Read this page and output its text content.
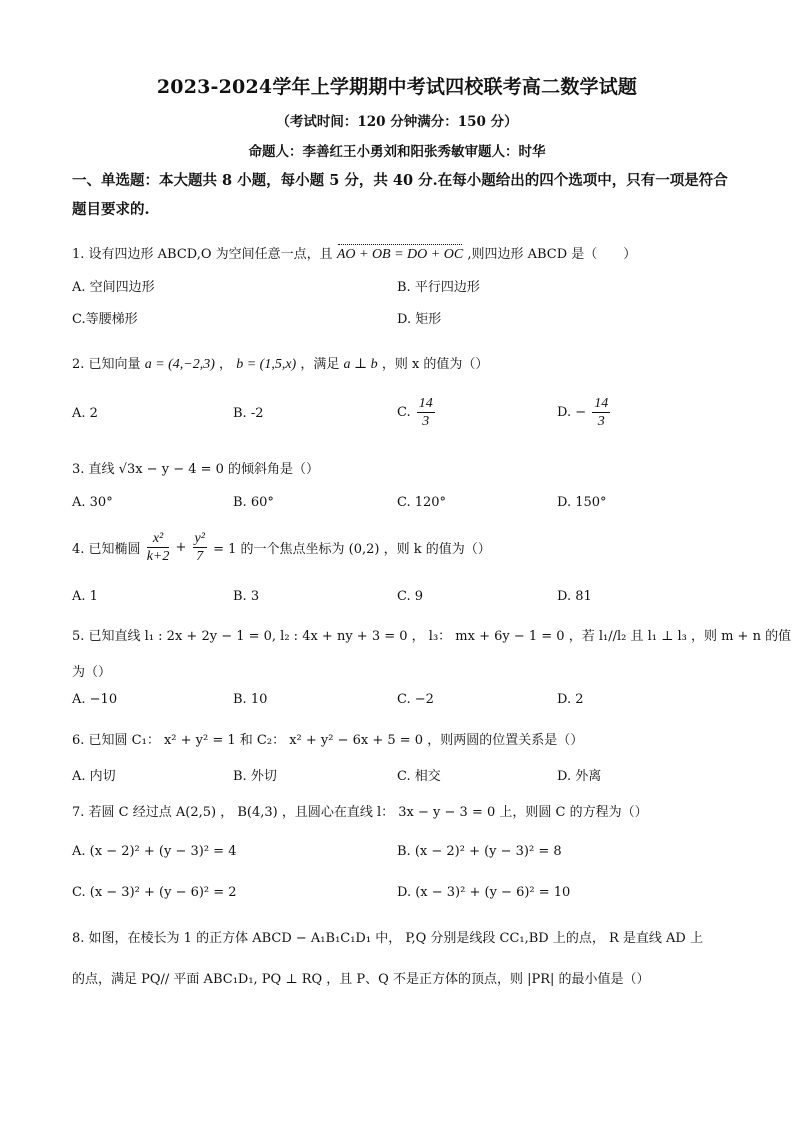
2023-2024学年上学期期中考试四校联考高二数学试题
（考试时间：120 分钟满分：150 分）
命题人：李善红王小勇刘和阳张秀敏审题人：时华
一、单选题：本大题共 8 小题，每小题 5 分，共 40 分.在每小题给出的四个选项中，只有一项是符合题目要求的.
1. 设有四边形 ABCD,O 为空间任意一点，且 AO + OB = DO + OC ,则四边形 ABCD 是（　　）
A. 空间四边形	B. 平行四边形
C.等腰梯形	D. 矩形
2. 已知向量 a = (4,−2,3) ， b = (1,5,x) ，满足 a ⊥ b ，则 x 的值为（）
A. 2	B. -2	C. $\frac{14}{3}$	D. − $\frac{14}{3}$
3. 直线 √3x − y − 4 = 0 的倾斜角是（）
A. 30°	B. 60°	C. 120°	D. 150°
4. 已知椭圆 $\frac{\text{x²}}{k+2} + \frac{\text{y²}}{7} = 1$ 的一个焦点坐标为 (0,2) ，则 k 的值为（）
A. 1	B. 3	C. 9	D. 81
5. 已知直线 l₁ : 2x + 2y − 1 = 0, l₂ : 4x + ny + 3 = 0 ， l₃： mx + 6y − 1 = 0 ，若 l₁//l₂ 且 l₁ ⊥ l₃ ，则 m + n 的值
为（）
A. −10	B. 10	C. −2	D. 2
6. 已知圆 C₁： x² + y² = 1 和 C₂： x² + y² − 6x + 5 = 0 ，则两圆的位置关系是（）
A. 内切	B. 外切	C. 相交	D. 外离
7. 若圆 C 经过点 A(2,5) ， B(4,3) ，且圆心在直线 l： 3x − y − 3 = 0 上，则圆 C 的方程为（）
A. (x − 2)² + (y − 3)² = 4	B. (x − 2)² + (y − 3)² = 8
C. (x − 3)² + (y − 6)² = 2	D. (x − 3)² + (y − 6)² = 10
8. 如图，在棱长为 1 的正方体 ABCD − A₁B₁C₁D₁ 中， P,Q 分别是线段 CC₁,BD 上的点， R 是直线 AD 上
的点，满足 PQ// 平面 ABC₁D₁, PQ ⊥ RQ ，且 P、Q 不是正方体的顶点，则 |PR| 的最小值是（）
